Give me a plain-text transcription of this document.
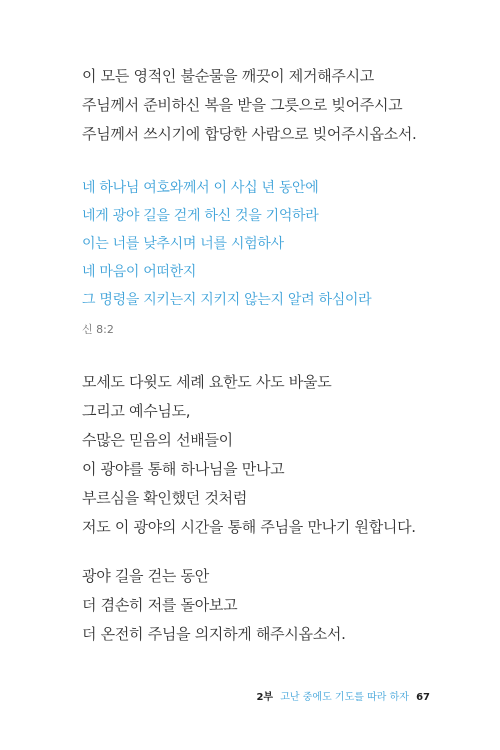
이 모든 영적인 불순물을 깨끗이 제거해주시고
주님께서 준비하신 복을 받을 그릇으로 빚어주시고
주님께서 쓰시기에 합당한 사람으로 빚어주시옵소서.
네 하나님 여호와께서 이 사십 년 동안에
네게 광야 길을 걷게 하신 것을 기억하라
이는 너를 낮추시며 너를 시험하사
네 마음이 어떠한지
그 명령을 지키는지 지키지 않는지 알려 하심이라
신 8:2
모세도 다윗도 세례 요한도 사도 바울도
그리고 예수님도,
수많은 믿음의 선배들이
이 광야를 통해 하나님을 만나고
부르심을 확인했던 것처럼
저도 이 광야의 시간을 통해 주님을 만나기 원합니다.
광야 길을 걷는 동안
더 겸손히 저를 돌아보고
더 온전히 주님을 의지하게 해주시옵소서.
2부 고난 중에도 기도를 따라 하자 67
